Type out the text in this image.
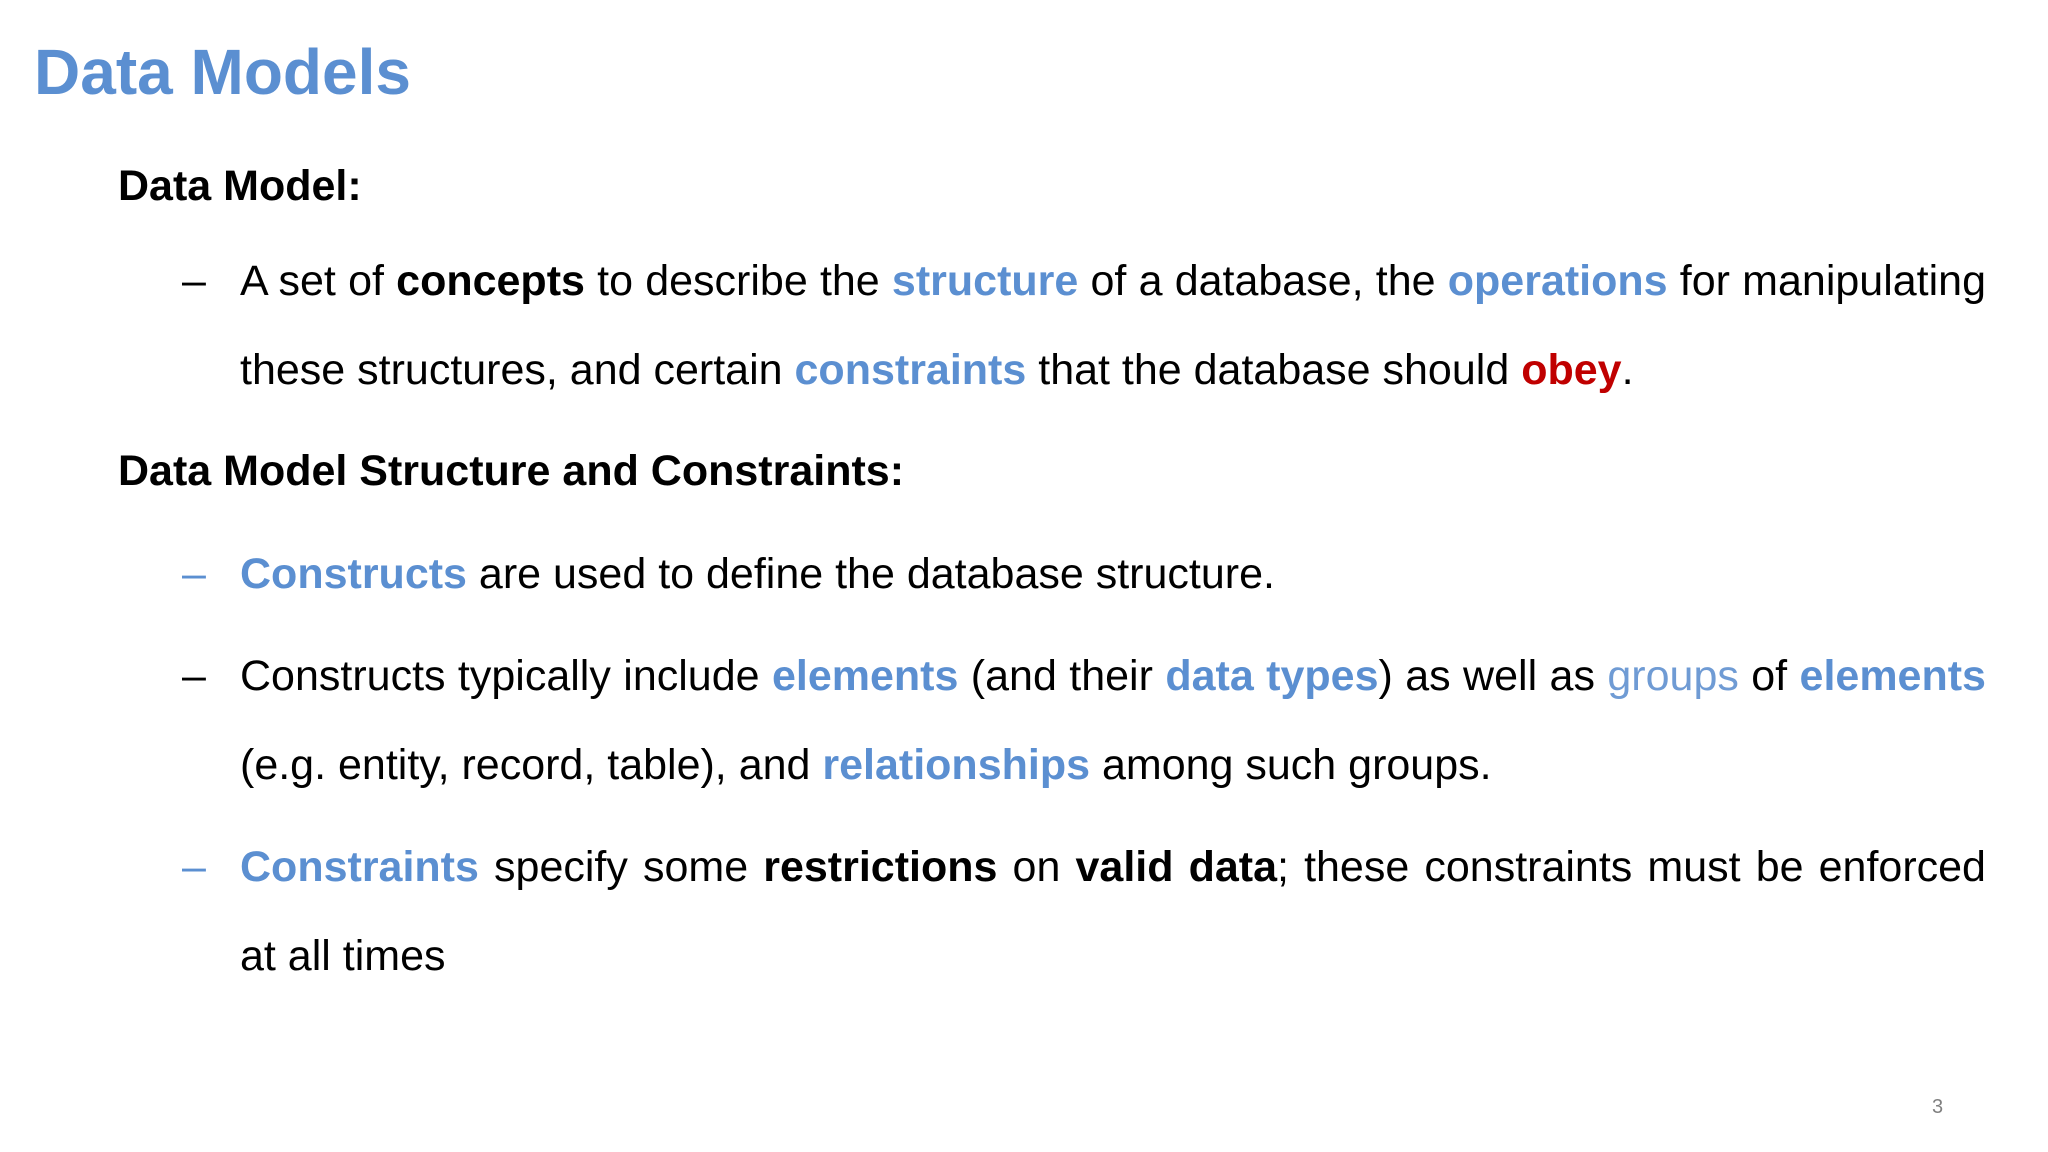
Data Models
Data Model:
– A set of concepts to describe the structure of a database, the operations for manipulating these structures, and certain constraints that the database should obey.
Data Model Structure and Constraints:
– Constructs are used to define the database structure.
– Constructs typically include elements (and their data types) as well as groups of elements (e.g. entity, record, table), and relationships among such groups.
– Constraints specify some restrictions on valid data; these constraints must be enforced at all times
3
